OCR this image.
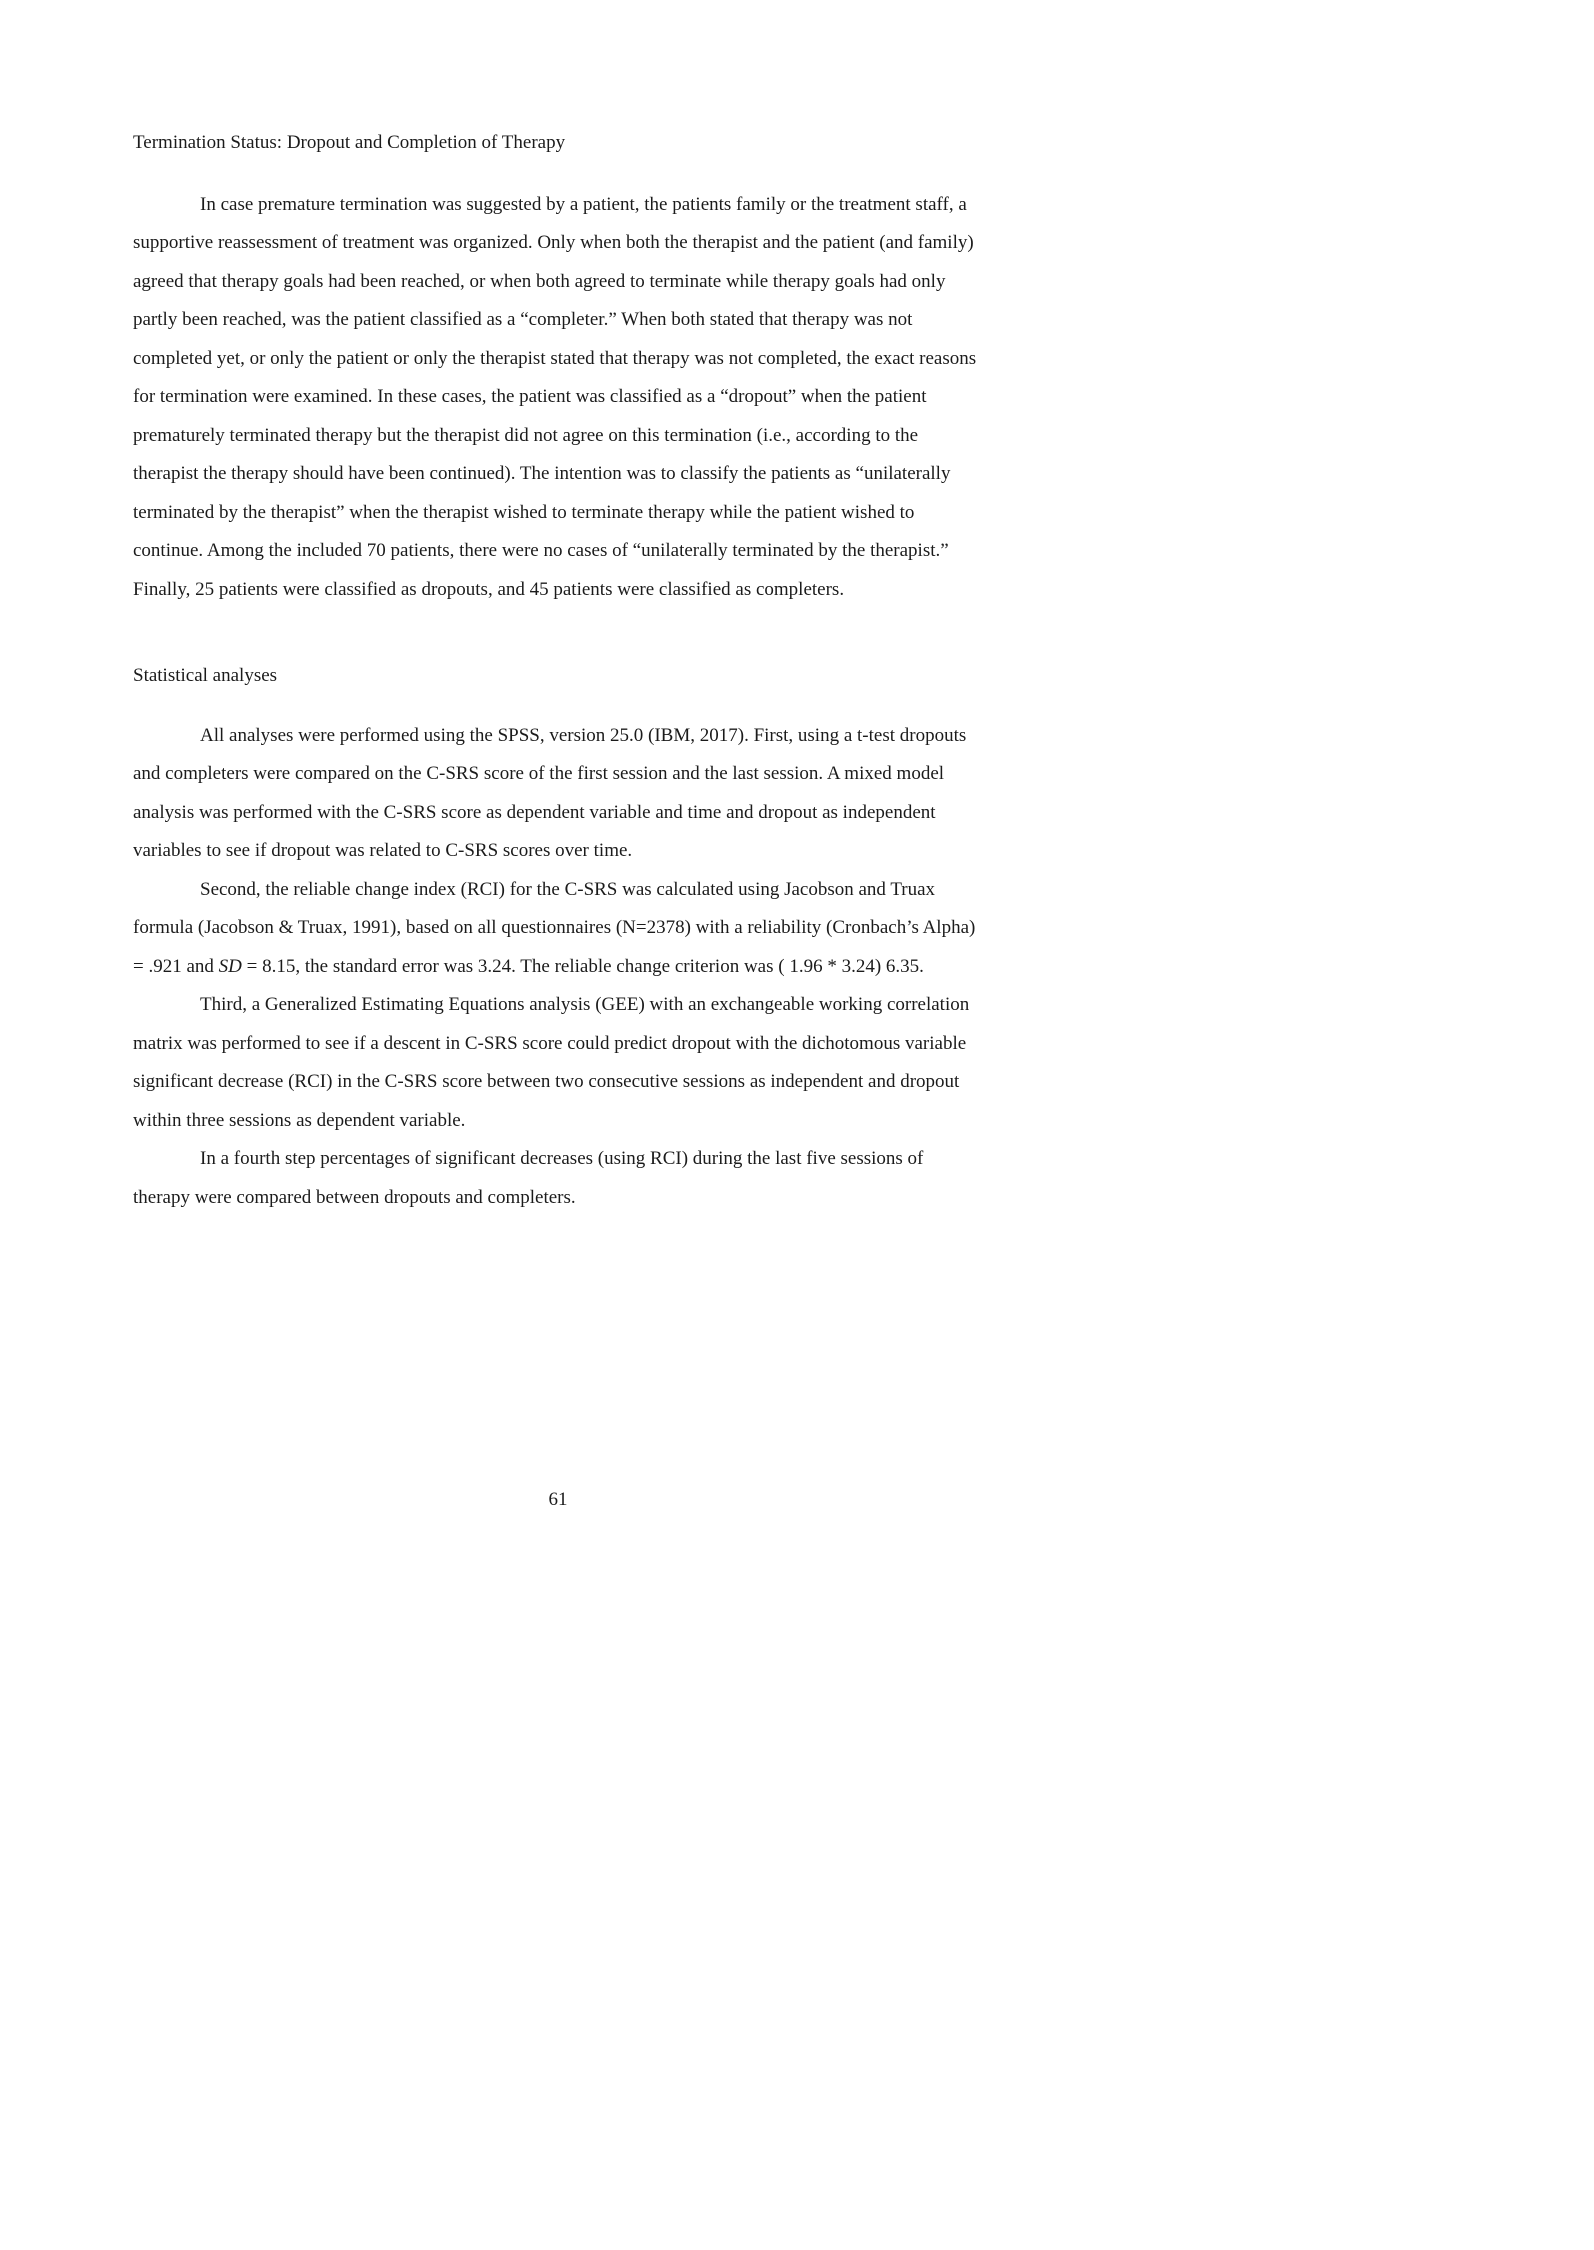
Termination Status: Dropout and Completion of Therapy

In case premature termination was suggested by a patient, the patients family or the treatment staff, a supportive reassessment of treatment was organized. Only when both the therapist and the patient (and family) agreed that therapy goals had been reached, or when both agreed to terminate while therapy goals had only partly been reached, was the patient classified as a “completer.” When both stated that therapy was not completed yet, or only the patient or only the therapist stated that therapy was not completed, the exact reasons for termination were examined. In these cases, the patient was classified as a “dropout” when the patient prematurely terminated therapy but the therapist did not agree on this termination (i.e., according to the therapist the therapy should have been continued). The intention was to classify the patients as “unilaterally terminated by the therapist” when the therapist wished to terminate therapy while the patient wished to continue. Among the included 70 patients, there were no cases of “unilaterally terminated by the therapist.” Finally, 25 patients were classified as dropouts, and 45 patients were classified as completers.

Statistical analyses

All analyses were performed using the SPSS, version 25.0 (IBM, 2017). First, using a t-test dropouts and completers were compared on the C-SRS score of the first session and the last session. A mixed model analysis was performed with the C-SRS score as dependent variable and time and dropout as independent variables to see if dropout was related to C-SRS scores over time.

Second, the reliable change index (RCI) for the C-SRS was calculated using Jacobson and Truax formula (Jacobson & Truax, 1991), based on all questionnaires (N=2378) with a reliability (Cronbach’s Alpha) = .921 and SD = 8.15, the standard error was 3.24. The reliable change criterion was ( 1.96 * 3.24) 6.35.

Third, a Generalized Estimating Equations analysis (GEE) with an exchangeable working correlation matrix was performed to see if a descent in C-SRS score could predict dropout with the dichotomous variable significant decrease (RCI) in the C-SRS score between two consecutive sessions as independent and dropout within three sessions as dependent variable.

In a fourth step percentages of significant decreases (using RCI) during the last five sessions of therapy were compared between dropouts and completers.

61
